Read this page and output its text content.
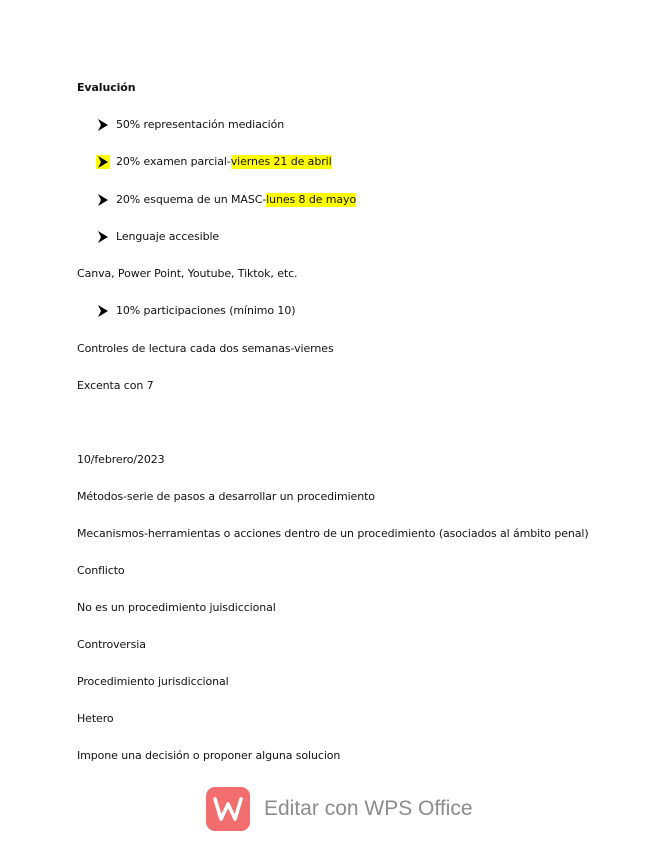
Evalución
50% representación mediación
20% examen parcial- viernes 21 de abril
20% esquema de un MASC- lunes 8 de mayo
Lenguaje accesible
Canva, Power Point, Youtube, Tiktok, etc.
10% participaciones (mínimo 10)
Controles de lectura cada dos semanas-viernes
Excenta con 7
10/febrero/2023
Métodos-serie de pasos a desarrollar un procedimiento
Mecanismos-herramientas o acciones dentro de un procedimiento (asociados al ámbito penal)
Conflicto
No es un procedimiento juisdiccional
Controversia
Procedimiento jurisdiccional
Hetero
Impone una decisión o proponer alguna solucion
Editar con WPS Office
